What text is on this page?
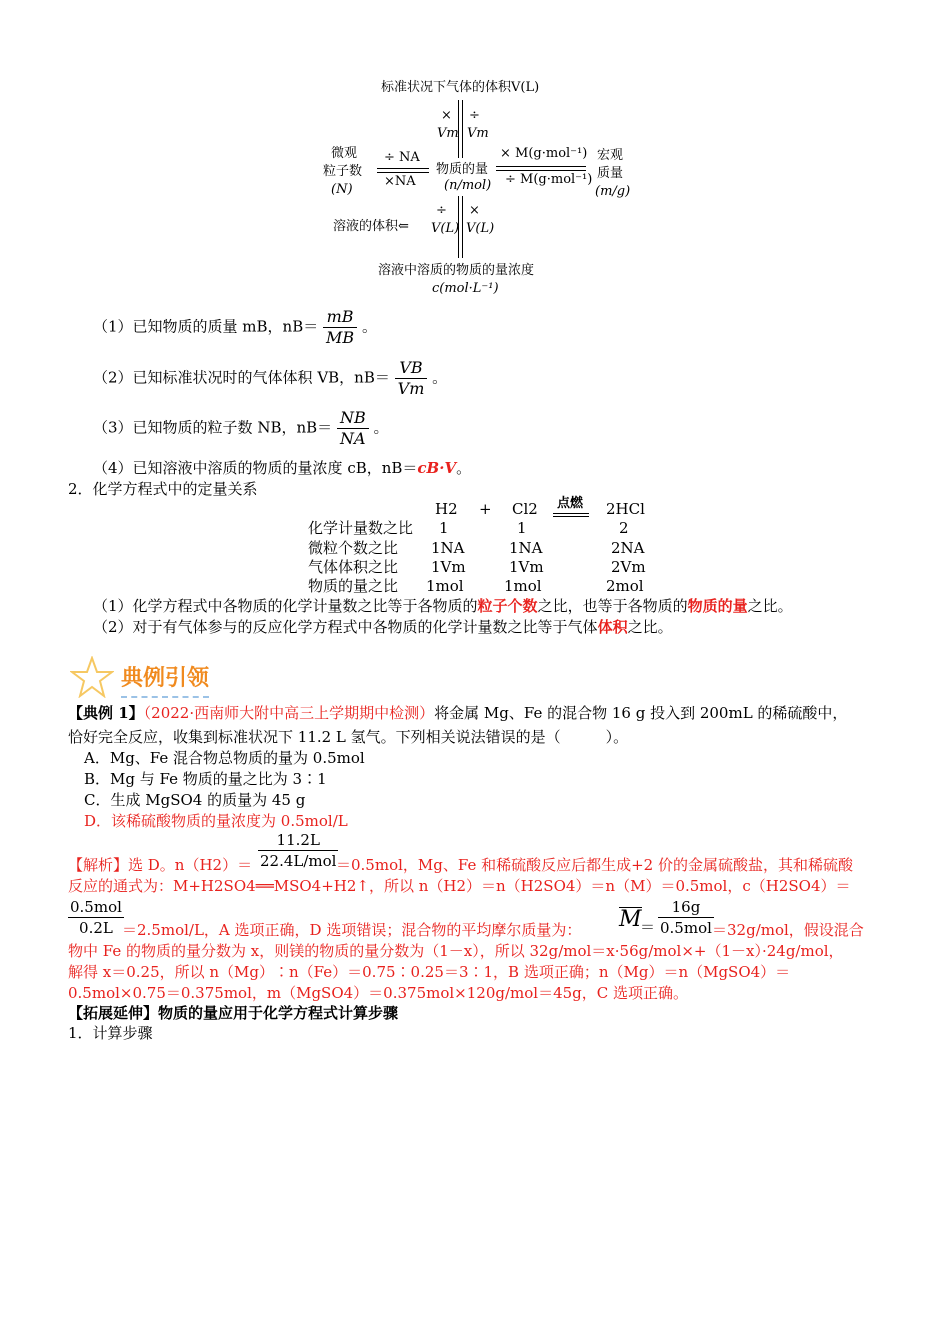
标准状况下气体的体积V(L)
×
Vm
÷
Vm
微观
粒子数
(N)
÷ NA
×NA
物质的量
(n/mol)
× M(g·mol⁻¹)
÷ M(g·mol⁻¹)
宏观
质量
(m/g)
溶液的体积⇐
÷
V(L)
×
V(L)
溶液中溶质的物质的量浓度
c(mol·L⁻¹)
（1）已知物质的质量 mB，$nB= \frac{mB}{MB}$ 。
（2）已知标准状况时的气体体积 VB，$nB= \frac{VB}{Vm}$ 。
（3）已知物质的粒子数 NB，$nB= \frac{NB}{NA}$ 。
（4）已知溶液中溶质的物质的量浓度 cB，nB＝cB·V。
2．化学方程式中的定量关系
H2 + Cl2 点燃 2HCl
化学计量数之比 1	1	2
微粒个数之比 1NA	1NA	2NA
气体体积之比 1Vm	1Vm	2Vm
物质的量之比 1mol	1mol	2mol
（1）化学方程式中各物质的化学计量数之比等于各物质的粒子个数之比，也等于各物质的物质的量之比。
（2）对于有气体参与的反应化学方程式中各物质的化学计量数之比等于气体体积之比。
典例引领
【典例 1】（2022·西南师大附中高三上学期期中检测）将金属 Mg、Fe 的混合物 16 g 投入到 200mL 的稀硫酸中，
恰好完全反应，收集到标准状况下 11.2 L 氢气。下列相关说法错误的是（　　　）。
A．Mg、Fe 混合物总物质的量为 0.5mol
B．Mg 与 Fe 物质的量之比为 3∶1
C．生成 MgSO4 的质量为 45 g
D．该稀硫酸物质的量浓度为 0.5mol/L
$\frac{11.2L}{\text{22.4L/mol}}$
【解析】选 D。n（H2）＝	＝0.5mol，Mg、Fe 和稀硫酸反应后都生成+2 价的金属硫酸盐，其和稀硫酸
反应的通式为：M+H2SO4══MSO4+H2↑，所以 n（H2）＝n（H2SO4）＝n（M）＝0.5mol，c（H2SO4）＝
$\frac{\text{0.5mol}}{0.2L}$
＝2.5mol/L，A 选项正确，D 选项错误；混合物的平均摩尔质量为： M
＝ $\frac{16g}{\text{0.5mol}}$
＝32g/mol，假设混合
物中 Fe 的物质的量分数为 x，则镁的物质的量分数为（1－x），所以 32g/mol＝x·56g/mol×+（1－x）·24g/mol，
解得 x＝0.25，所以 n（Mg）∶n（Fe）＝0.75∶0.25＝3∶1，B 选项正确；n（Mg）＝n（MgSO4）＝
0.5mol×0.75＝0.375mol，m（MgSO4）＝0.375mol×120g/mol＝45g，C 选项正确。
【拓展延伸】物质的量应用于化学方程式计算步骤
1．计算步骤
